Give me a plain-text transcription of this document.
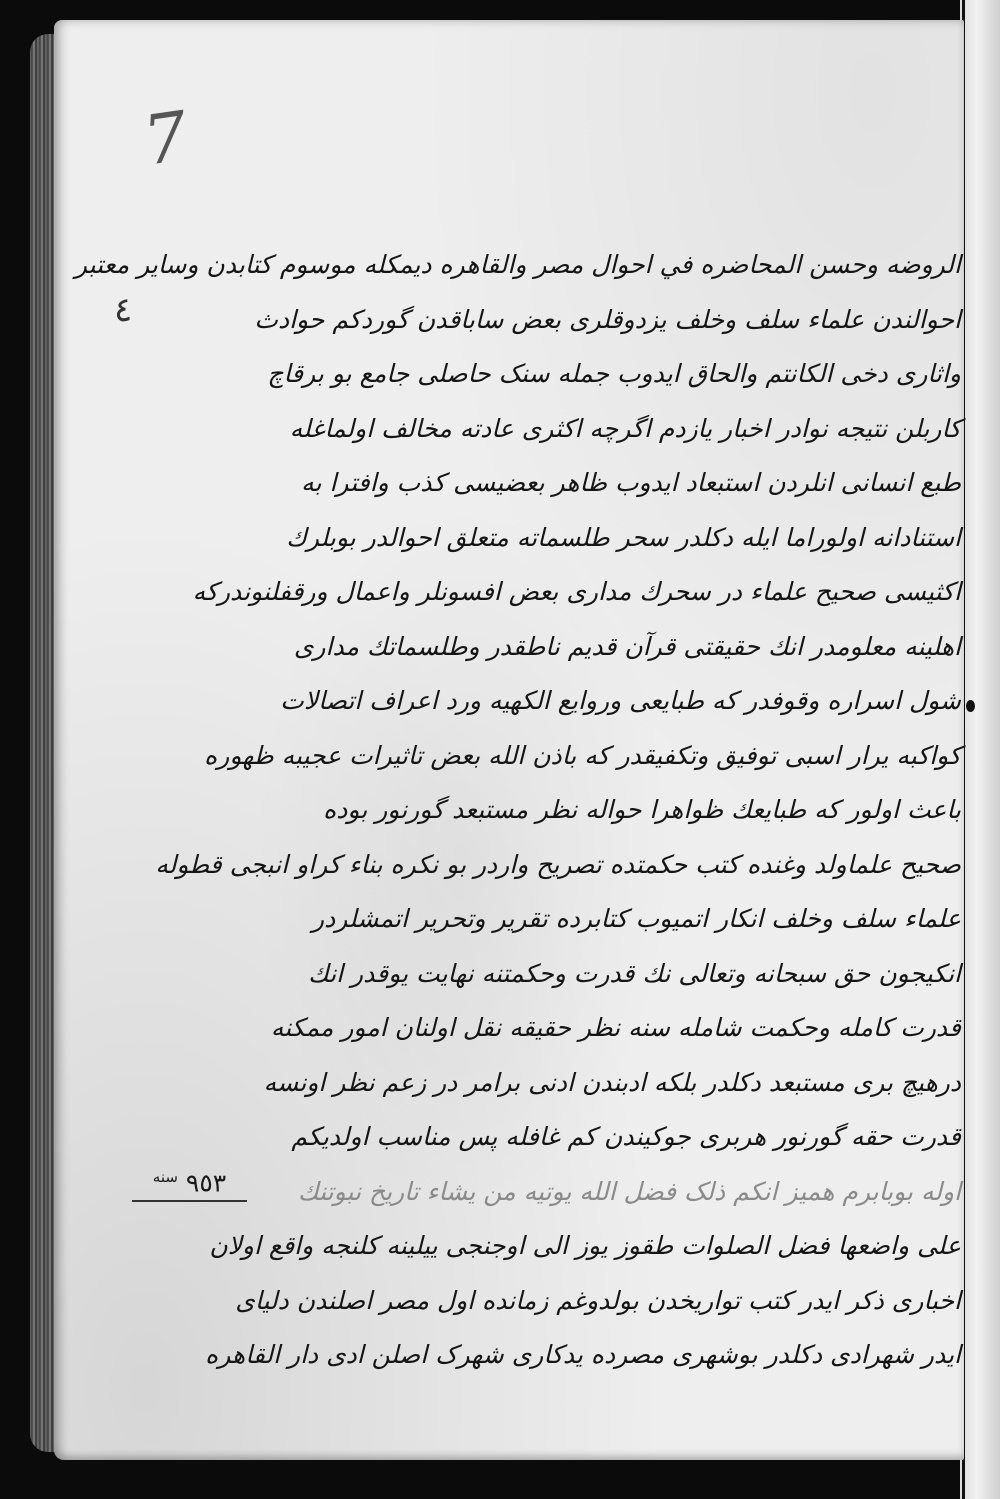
7
٤
٩٥٣ $^{سنه}$
الروضه وحسن المحاضره في احوال مصر والقاهره دیمکله موسوم کتابدن وسایر معتبر
احوالندن علماء سلف وخلف یزدوقلری بعض ساباقدن گوردکم حوادث
واثاری دخی الکانتم والحاق ایدوب جمله سنک حاصلی جامع بو برقاچ
کاربلن نتیجه نوادر اخبار یازدم اگرچه اکثری عادته مخالف اولماغله
طبع انسانی انلردن استبعاد ایدوب ظاهر بعضیسی کذب وافترا به
استنادانه اولوراما ایله دکلدر سحر طلسماته متعلق احوالدر بوبلرك
اکثیسی صحیح علماء در سحرك مداری بعض افسونلر واعمال ورقفلنوندرکه
اهلینه معلومدر انك حقیقتی قرآن قدیم ناطقدر وطلسماتك مداری
شول اسراره وقوفدر که طبایعی وروایع الکهیه ورد اعراف اتصالات
کواکبه یرار اسبی توفیق وتکفیقدر که باذن الله بعض تاثیرات عجیبه ظهوره
باعث اولور که طبایعك ظواهرا حواله نظر مستبعد گورنور بوده
صحیح علماولد وغنده کتب حکمتده تصریح واردر بو نکره بناء کراو انبجی قطوله
علماء سلف وخلف انکار اتمیوب کتابرده تقریر وتحریر اتمشلردر
انکیجون حق سبحانه وتعالی نك قدرت وحکمتنه نهایت یوقدر انك
قدرت کامله وحکمت شامله سنه نظر حقیقه نقل اولنان امور ممکنه
درهیچ بری مستبعد دکلدر بلکه ادبندن ادنی برامر در زعم نظر اونسه
قدرت حقه گورنور هربری جوکیندن کم غافله پس مناسب اولدیکم
اوله بوبابرم همیز انکم ذلک فضل الله یوتیه من یشاء تاریخ نبوتنك
علی واضعها فضل الصلوات طقوز یوز الی اوجنجی ییلینه کلنجه واقع اولان
اخباری ذکر ایدر کتب تواریخدن بولدوغم زمانده اول مصر اصلندن دلیای
ایدر شهرادی دکلدر بوشهری مصرده یدکاری شهرک اصلن ادی دار القاهره
